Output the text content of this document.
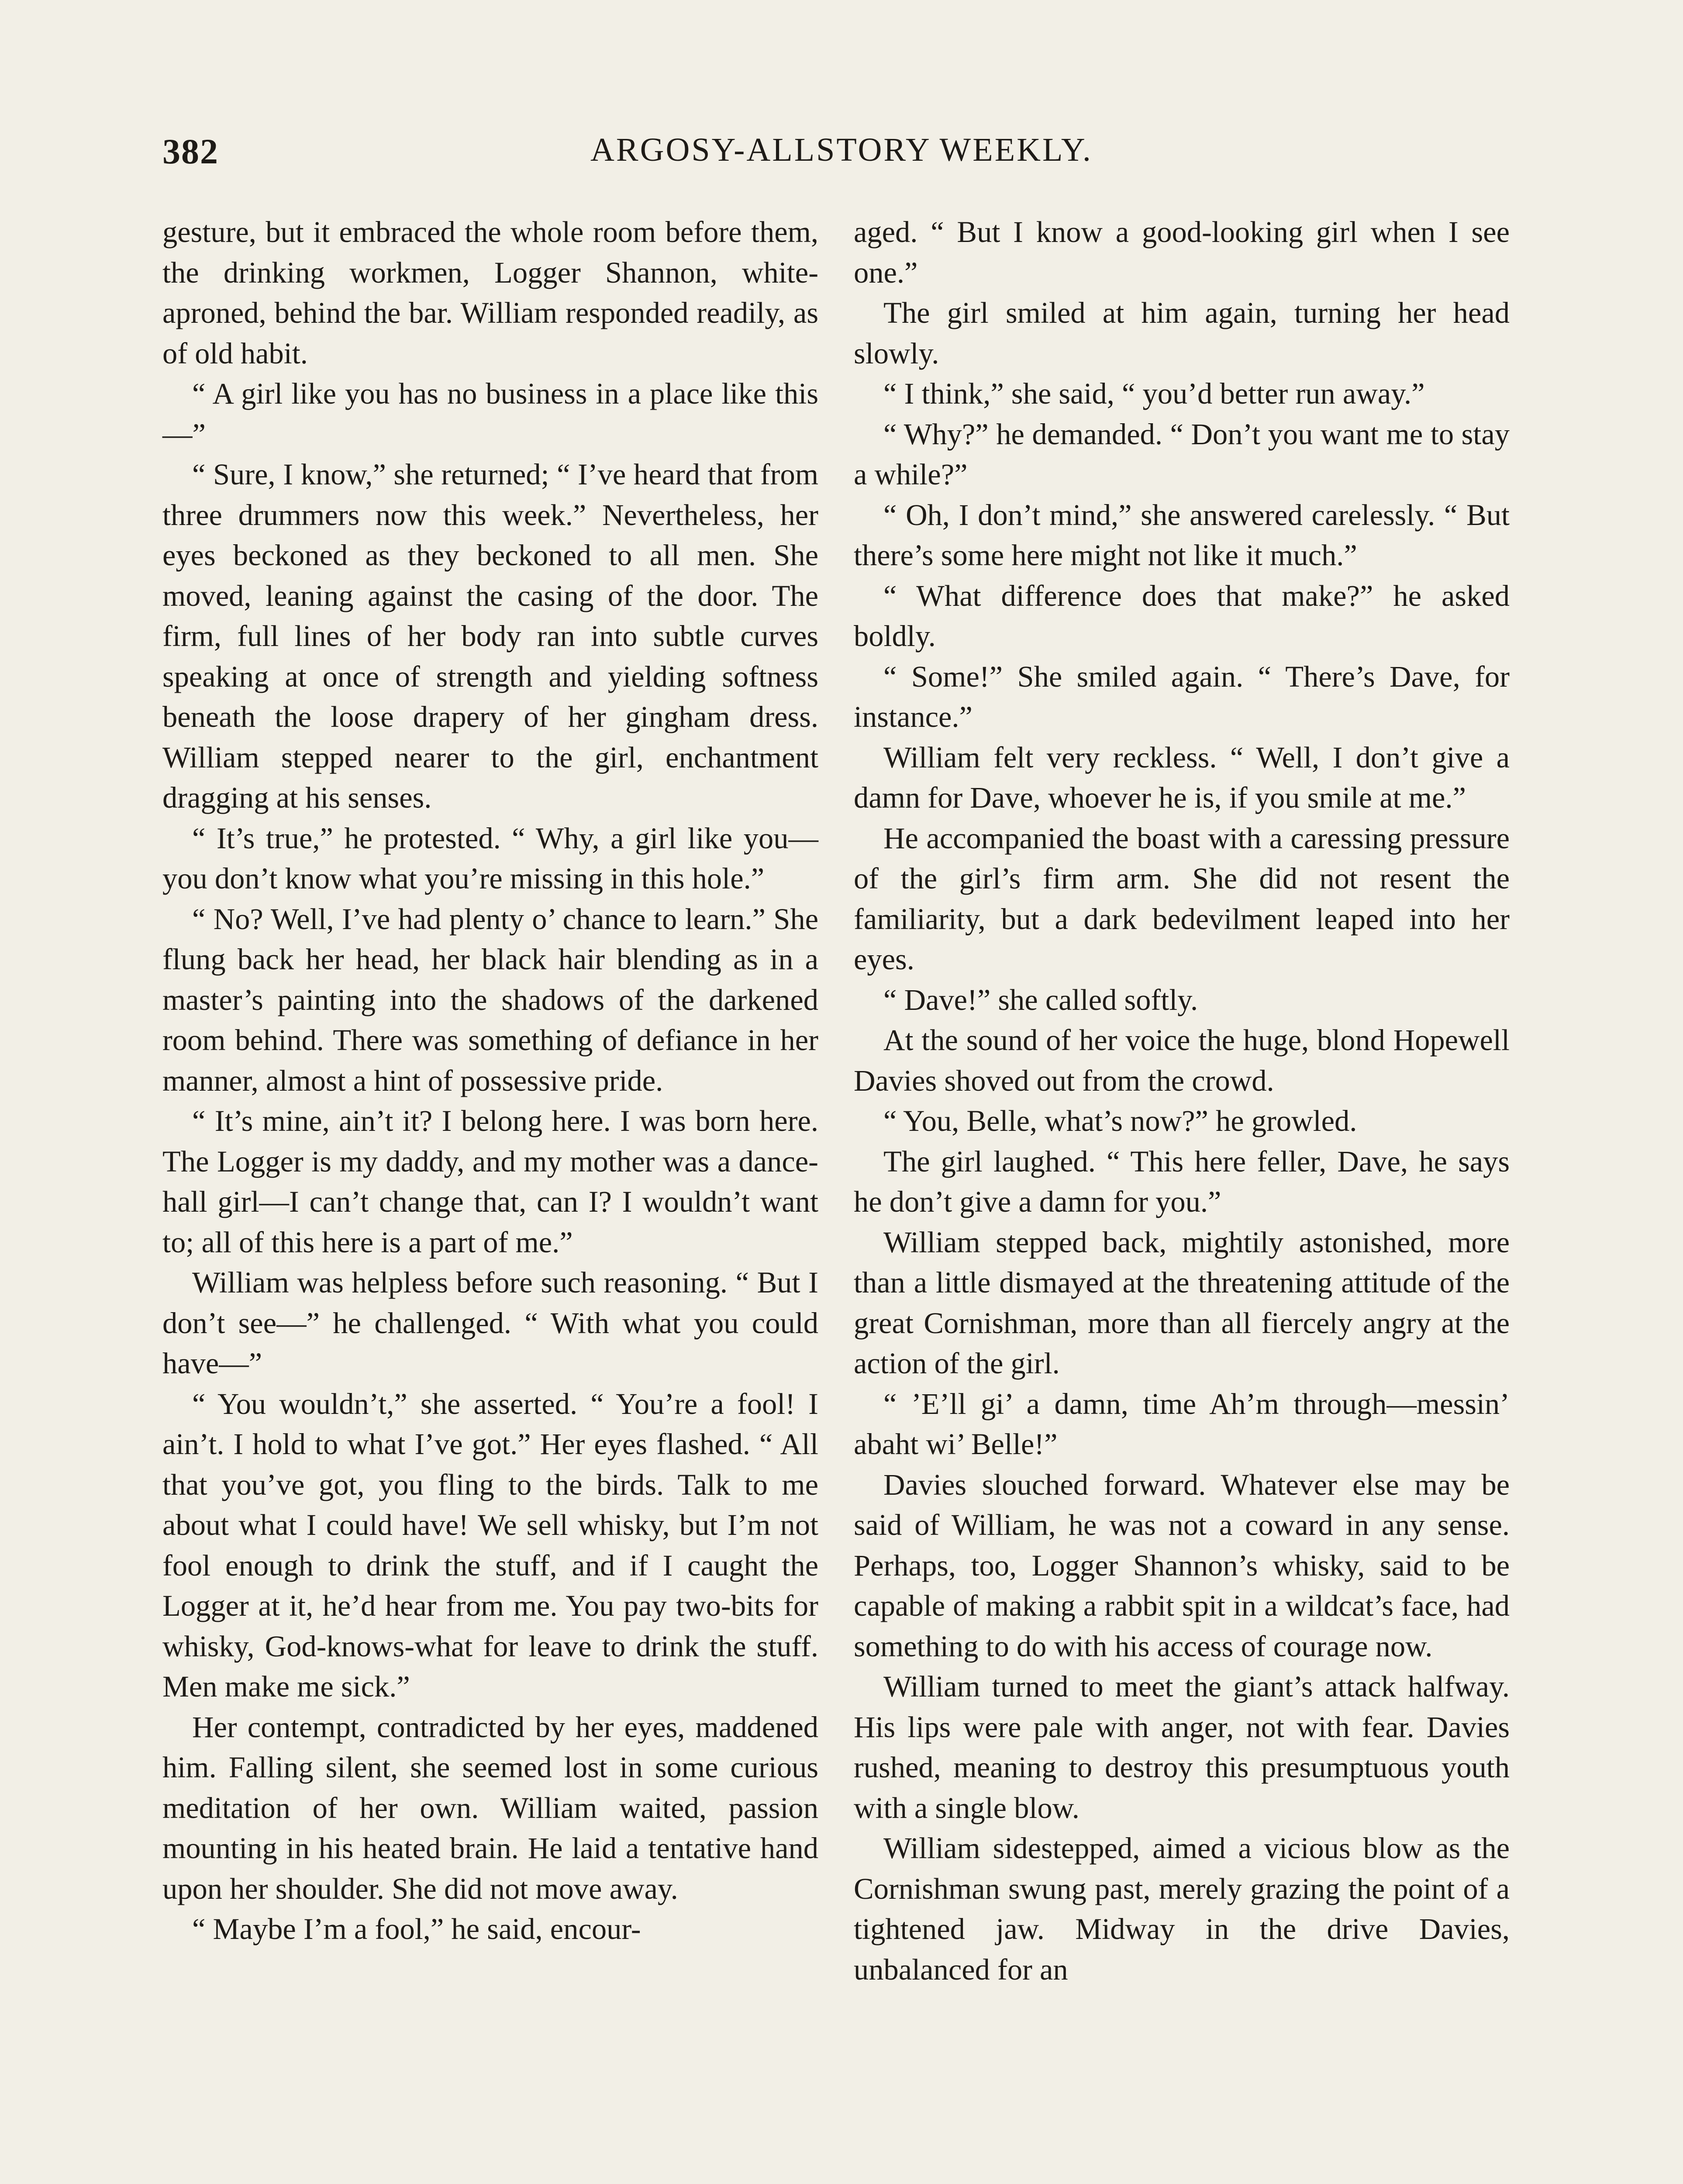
382	ARGOSY-ALLSTORY WEEKLY.

gesture, but it embraced the whole room before them, the drinking workmen, Logger Shannon, white-aproned, behind the bar. William responded readily, as of old habit.

“ A girl like you has no business in a place like this—”

“ Sure, I know,” she returned; “ I’ve heard that from three drummers now this week.” Nevertheless, her eyes beckoned as they beckoned to all men. She moved, leaning against the casing of the door. The firm, full lines of her body ran into subtle curves speaking at once of strength and yielding softness beneath the loose drapery of her gingham dress. William stepped nearer to the girl, enchantment dragging at his senses.

“ It’s true,” he protested. “ Why, a girl like you—you don’t know what you’re missing in this hole.”

“ No? Well, I’ve had plenty o’ chance to learn.” She flung back her head, her black hair blending as in a master’s painting into the shadows of the darkened room behind. There was something of defiance in her manner, almost a hint of possessive pride.

“ It’s mine, ain’t it? I belong here. I was born here. The Logger is my daddy, and my mother was a dance-hall girl—I can’t change that, can I? I wouldn’t want to; all of this here is a part of me.”

William was helpless before such reasoning. “ But I don’t see—” he challenged. “ With what you could have—”

“ You wouldn’t,” she asserted. “ You’re a fool! I ain’t. I hold to what I’ve got.” Her eyes flashed. “ All that you’ve got, you fling to the birds. Talk to me about what I could have! We sell whisky, but I’m not fool enough to drink the stuff, and if I caught the Logger at it, he’d hear from me. You pay two-bits for whisky, God-knows-what for leave to drink the stuff. Men make me sick.”

Her contempt, contradicted by her eyes, maddened him. Falling silent, she seemed lost in some curious meditation of her own. William waited, passion mounting in his heated brain. He laid a tentative hand upon her shoulder. She did not move away.

“ Maybe I’m a fool,” he said, encour-

aged. “ But I know a good-looking girl when I see one.”

The girl smiled at him again, turning her head slowly.

“ I think,” she said, “ you’d better run away.”

“ Why?” he demanded. “ Don’t you want me to stay a while?”

“ Oh, I don’t mind,” she answered carelessly. “ But there’s some here might not like it much.”

“ What difference does that make?” he asked boldly.

“ Some!” She smiled again. “ There’s Dave, for instance.”

William felt very reckless. “ Well, I don’t give a damn for Dave, whoever he is, if you smile at me.”

He accompanied the boast with a caressing pressure of the girl’s firm arm. She did not resent the familiarity, but a dark bedevilment leaped into her eyes.

“ Dave!” she called softly.

At the sound of her voice the huge, blond Hopewell Davies shoved out from the crowd.

“ You, Belle, what’s now?” he growled.

The girl laughed. “ This here feller, Dave, he says he don’t give a damn for you.”

William stepped back, mightily astonished, more than a little dismayed at the threatening attitude of the great Cornishman, more than all fiercely angry at the action of the girl.

“ ’E’ll gi’ a damn, time Ah’m through—messin’ abaht wi’ Belle!”

Davies slouched forward. Whatever else may be said of William, he was not a coward in any sense. Perhaps, too, Logger Shannon’s whisky, said to be capable of making a rabbit spit in a wildcat’s face, had something to do with his access of courage now.

William turned to meet the giant’s attack halfway. His lips were pale with anger, not with fear. Davies rushed, meaning to destroy this presumptuous youth with a single blow.

William sidestepped, aimed a vicious blow as the Cornishman swung past, merely grazing the point of a tightened jaw. Midway in the drive Davies, unbalanced for an
